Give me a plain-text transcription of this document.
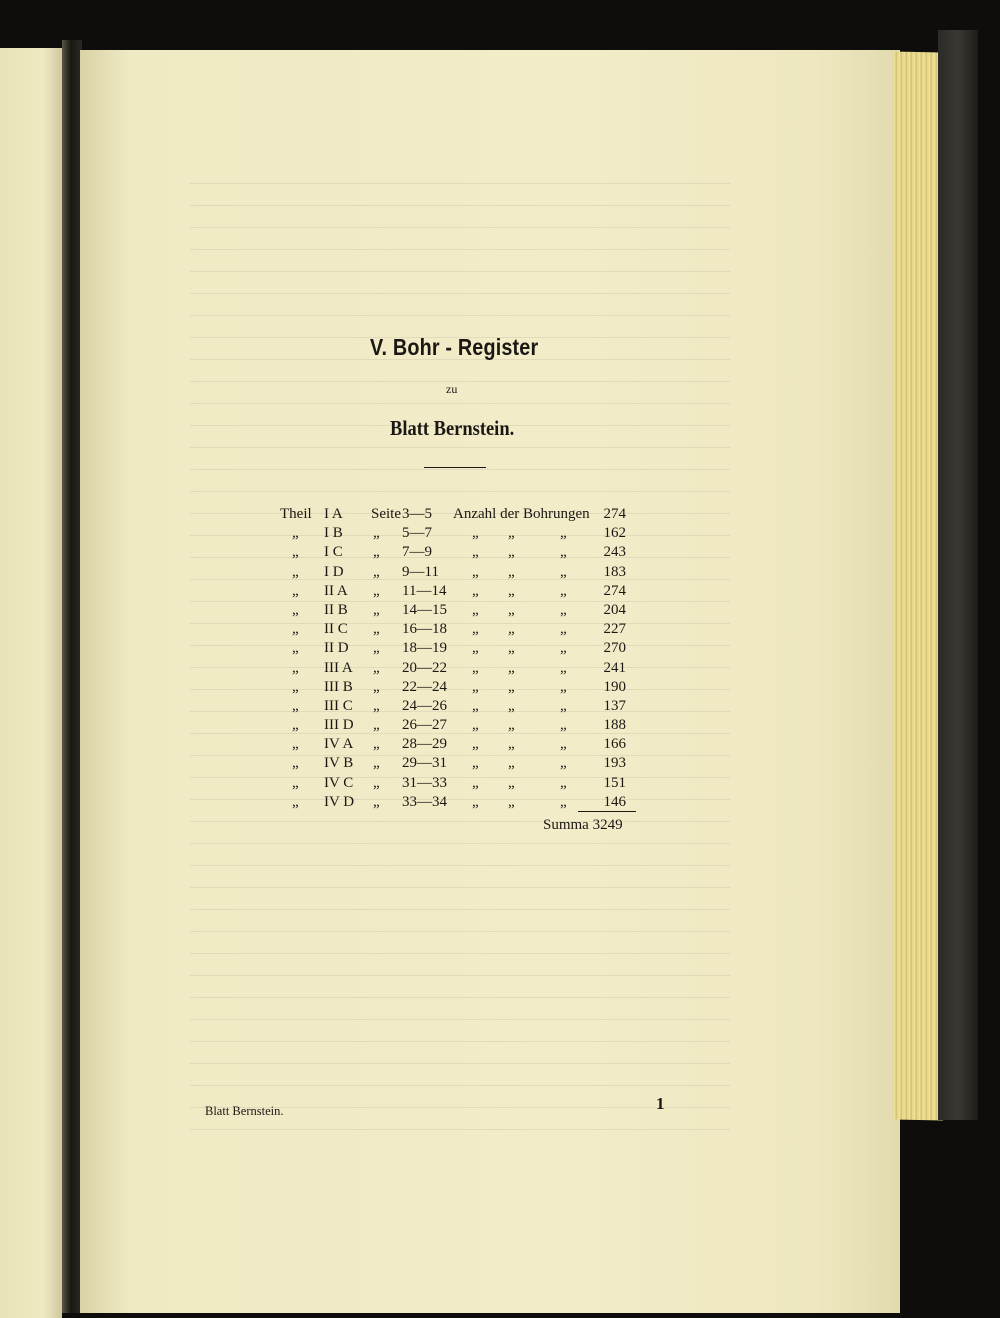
V. Bohr - Register
zu
Blatt Bernstein.
Theil I A Seite 3—5 Anzahl der Bohrungen 274
„ I B „ 5—7	„ „	„ 162
„ I C „ 7—9	„ „	„ 243
„ I D „ 9—11 „ „	„ 183
„ II A „ 11—14 „ „	„ 274
„ II B „ 14—15 „ „	„ 204
„ II C „ 16—18 „ „	„ 227
„ II D „ 18—19 „ „	„ 270
„ III A „ 20—22 „ „	„ 241
„ III B „ 22—24 „ „	„ 190
„ III C „ 24—26 „ „	„ 137
„ III D „ 26—27 „ „	„ 188
„ IV A „ 28—29 „ „	„ 166
„ IV B „ 29—31 „ „	„ 193
„ IV C „ 31—33 „ „	„ 151
„ IV D „ 33—34 „ „	„ 146
Summa 3249
Blatt Bernstein.	1
